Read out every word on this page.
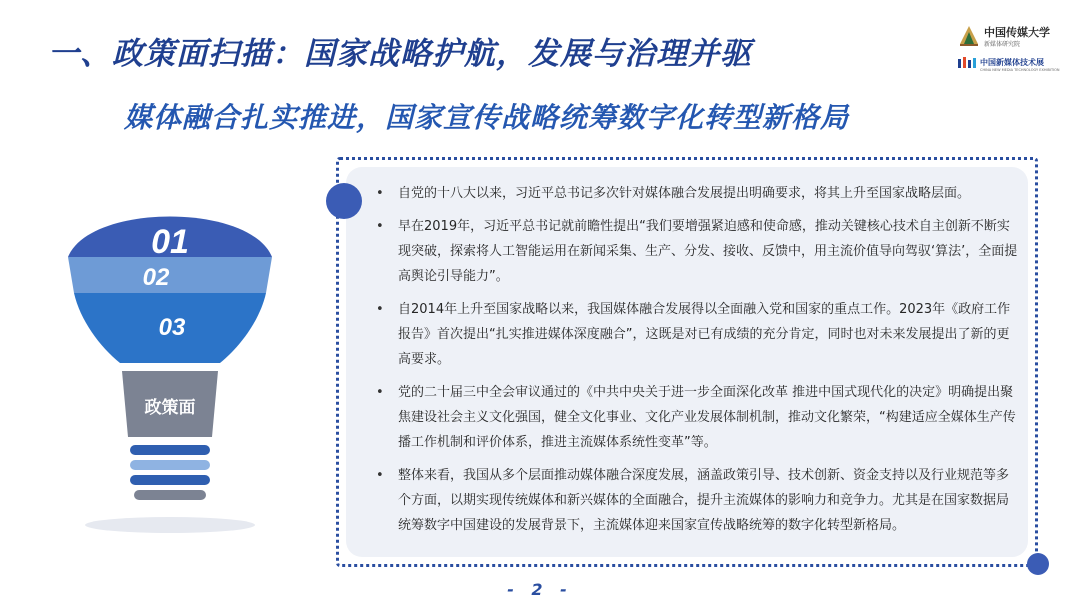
一、政策面扫描：国家战略护航，发展与治理并驱
媒体融合扎实推进，国家宣传战略统筹数字化转型新格局
中国传媒大学
新媒体研究院
中国新媒体技术展
CHINA NEW MEDIA TECHNOLOGY EXHIBITION
01
02
03
政策面
• 自党的十八大以来，习近平总书记多次针对媒体融合发展提出明确要求，将其上升至国家战略层面。
• 早在2019年，习近平总书记就前瞻性提出“我们要增强紧迫感和使命感，推动关键核心技术自主创新不断实现突破，探索将人工智能运用在新闻采集、生产、分发、接收、反馈中，用主流价值导向驾驭‘算法’，全面提高舆论引导能力”。
• 自2014年上升至国家战略以来，我国媒体融合发展得以全面融入党和国家的重点工作。2023年《政府工作报告》首次提出“扎实推进媒体深度融合”，这既是对已有成绩的充分肯定，同时也对未来发展提出了新的更高要求。
• 党的二十届三中全会审议通过的《中共中央关于进一步全面深化改革 推进中国式现代化的决定》明确提出聚焦建设社会主义文化强国，健全文化事业、文化产业发展体制机制，推动文化繁荣，“构建适应全媒体生产传播工作机制和评价体系，推进主流媒体系统性变革”等。
• 整体来看，我国从多个层面推动媒体融合深度发展，涵盖政策引导、技术创新、资金支持以及行业规范等多个方面，以期实现传统媒体和新兴媒体的全面融合，提升主流媒体的影响力和竞争力。尤其是在国家数据局统筹数字中国建设的发展背景下，主流媒体迎来国家宣传战略统筹的数字化转型新格局。
- 2 -
